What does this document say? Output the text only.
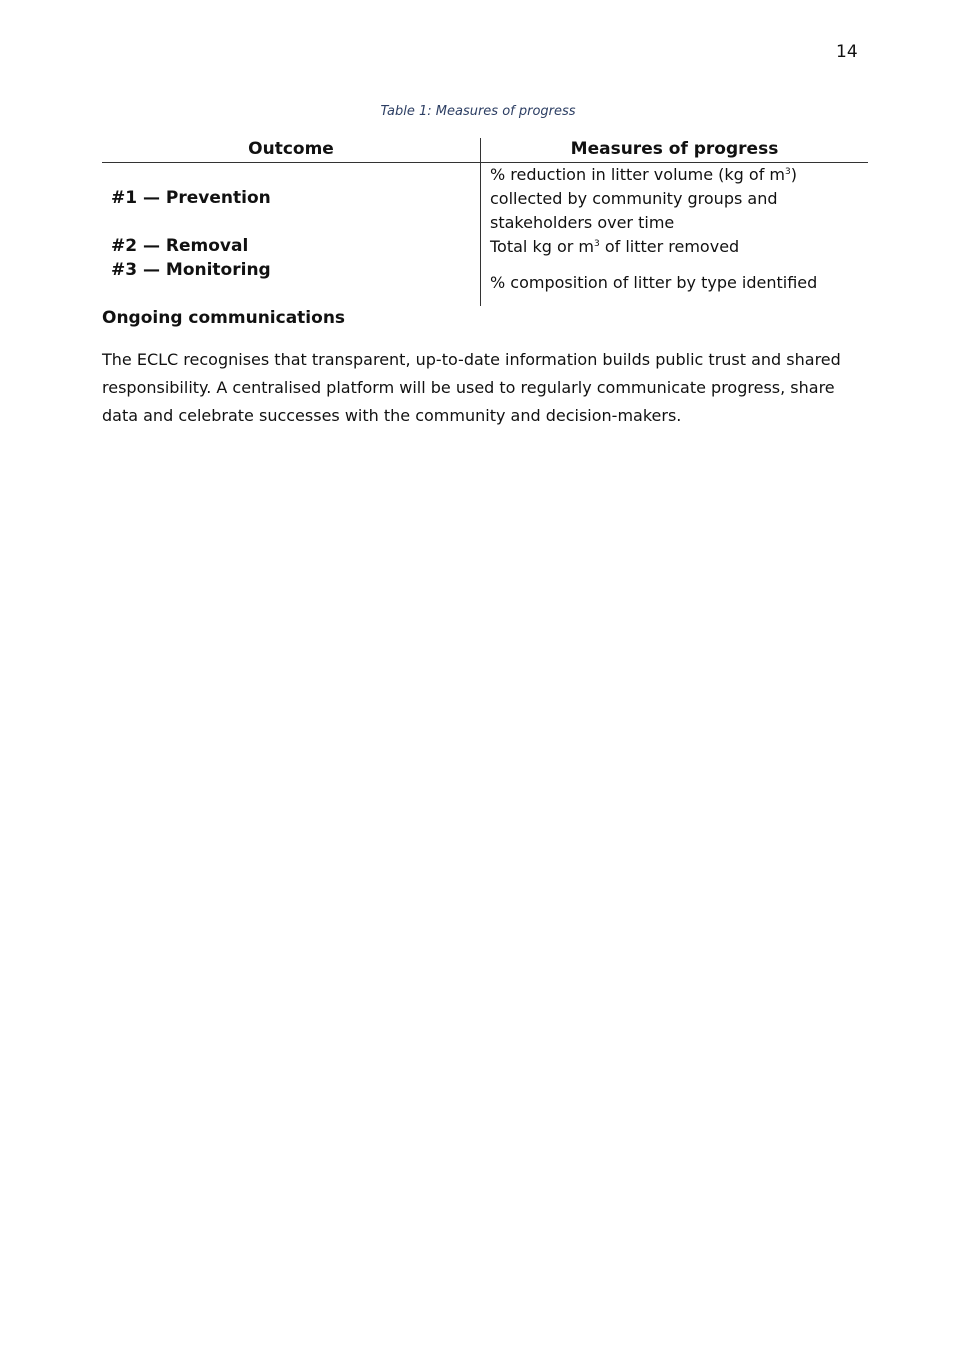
14
Table 1: Measures of progress
Outcome	Measures of progress
#1 — Prevention
% reduction in litter volume (kg of $m^3$) collected by community groups and stakeholders over time
#2 — Removal	Total kg or $m^3$ of litter removed
#3 — Monitoring
% composition of litter by type identified
Ongoing communications

The ECLC recognises that transparent, up-to-date information builds public trust and shared responsibility. A centralised platform will be used to regularly communicate progress, share data and celebrate successes with the community and decision-makers.
